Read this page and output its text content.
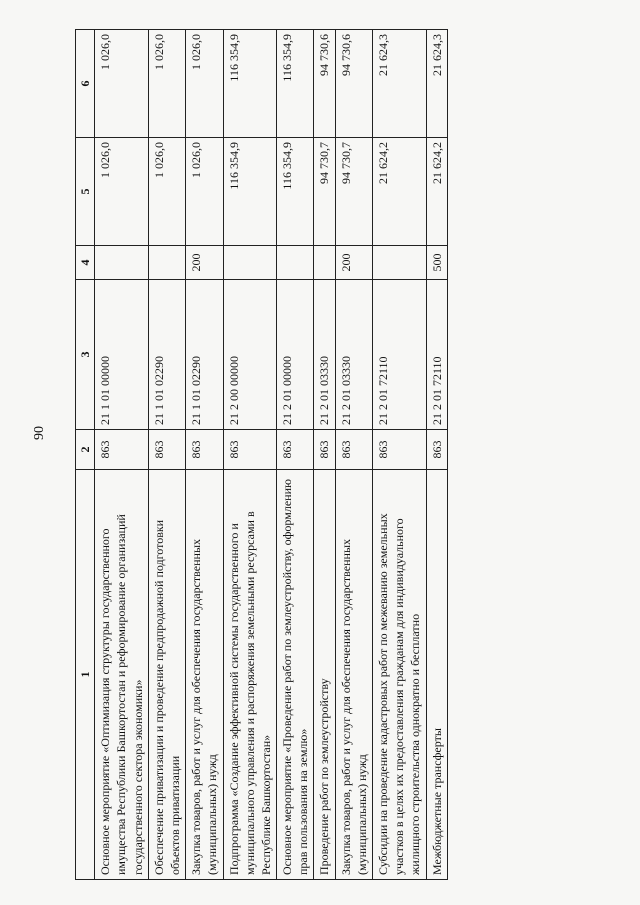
90
1	2	3	4	5	6
Основное мероприятие «Оптимизация структуры государственного имущества Республики Башкортостан и реформирование организаций государственного сектора экономики»	863	21 1 01 00000		1 026,0	1 026,0
Обеспечение приватизации и проведение предпродажной подготовки объектов приватизации	863	21 1 01 02290		1 026,0	1 026,0
Закупка товаров, работ и услуг для обеспечения государственных (муниципальных) нужд	863	21 1 01 02290	200	1 026,0	1 026,0
Подпрограмма «Создание эффективной системы государственного и муниципального управления и распоряжения земельными ресурсами в Республике Башкортостан»	863	21 2 00 00000		116 354,9	116 354,9
Основное мероприятие «Проведение работ по землеустройству, оформлению прав пользования на землю»	863	21 2 01 00000		116 354,9	116 354,9
Проведение работ по землеустройству	863	21 2 01 03330		94 730,7	94 730,6
Закупка товаров, работ и услуг для обеспечения государственных (муниципальных) нужд	863	21 2 01 03330	200	94 730,7	94 730,6
Субсидии на проведение кадастровых работ по межеванию земельных участков в целях их предоставления гражданам для индивидуального жилищного строительства однократно и бесплатно	863	21 2 01 72110		21 624,2	21 624,3
Межбюджетные трансферты	863	21 2 01 72110	500	21 624,2	21 624,3
